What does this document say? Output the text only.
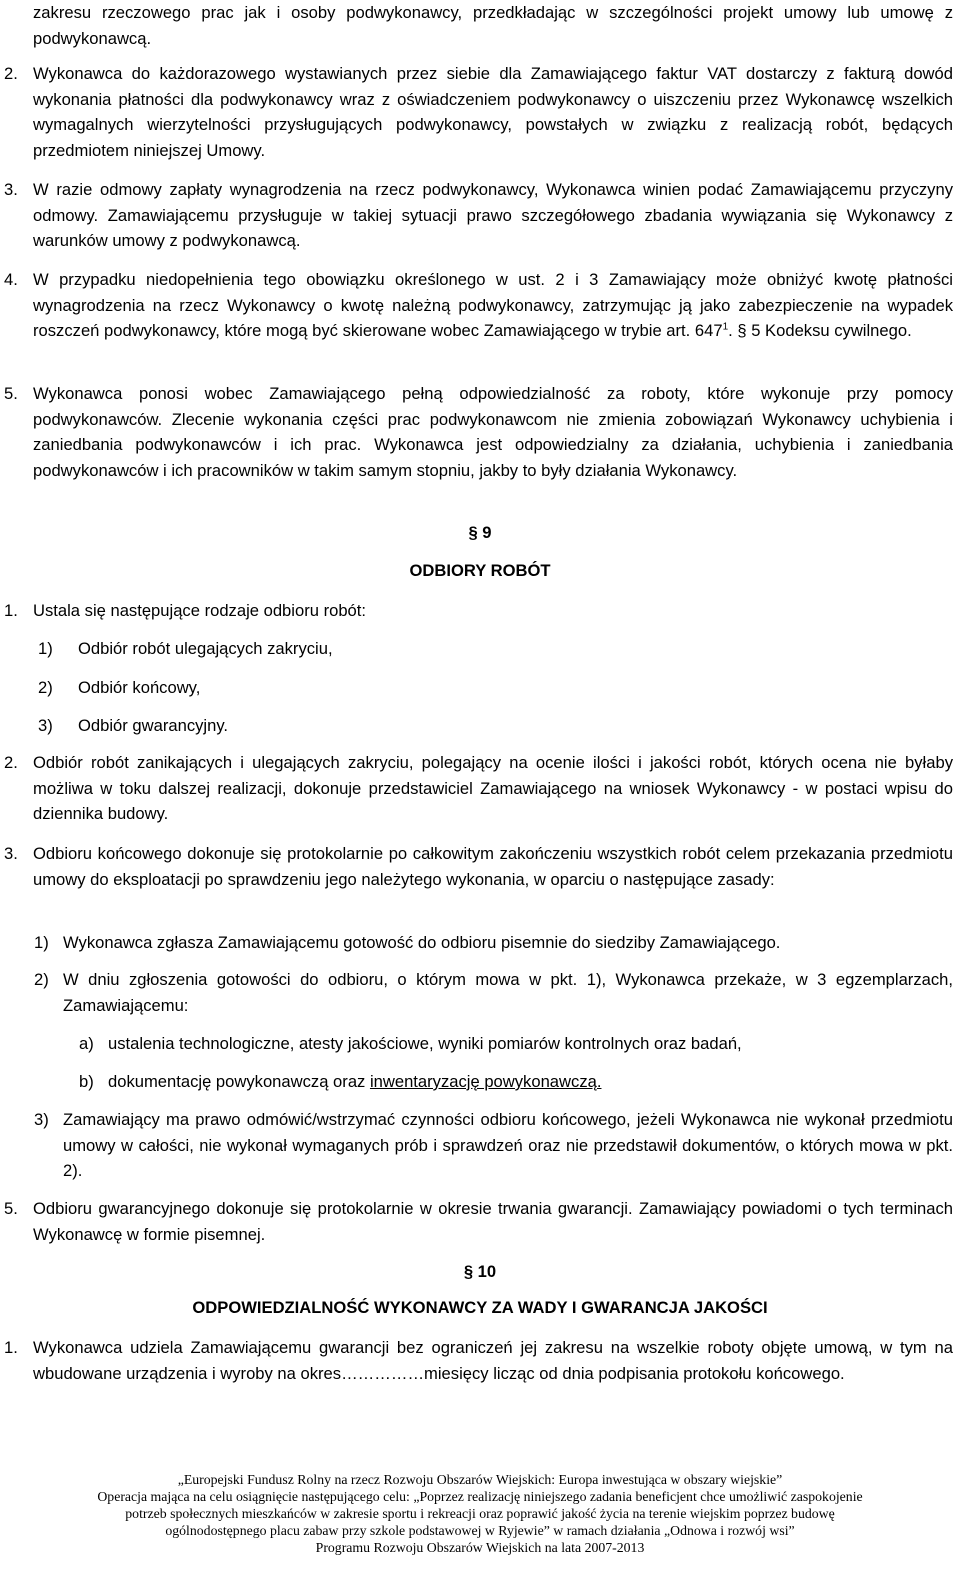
zakresu rzeczowego prac jak i osoby podwykonawcy, przedkładając w szczególności projekt umowy lub umowę z podwykonawcą.
2. Wykonawca do każdorazowego wystawianych przez siebie dla Zamawiającego faktur VAT dostarczy z fakturą dowód wykonania płatności dla podwykonawcy wraz z oświadczeniem podwykonawcy o uiszczeniu przez Wykonawcę wszelkich wymagalnych wierzytelności przysługujących podwykonawcy, powstałych w związku z realizacją robót, będących przedmiotem niniejszej Umowy.
3. W razie odmowy zapłaty wynagrodzenia na rzecz podwykonawcy, Wykonawca winien podać Zamawiającemu przyczyny odmowy. Zamawiającemu przysługuje w takiej sytuacji prawo szczegółowego zbadania wywiązania się Wykonawcy z warunków umowy z podwykonawcą.
4. W przypadku niedopełnienia tego obowiązku określonego w ust. 2 i 3 Zamawiający może obniżyć kwotę płatności wynagrodzenia na rzecz Wykonawcy o kwotę należną podwykonawcy, zatrzymując ją jako zabezpieczenie na wypadek roszczeń podwykonawcy, które mogą być skierowane wobec Zamawiającego w trybie art. $647^1$. § 5 Kodeksu cywilnego.
5. Wykonawca ponosi wobec Zamawiającego pełną odpowiedzialność za roboty, które wykonuje przy pomocy podwykonawców. Zlecenie wykonania części prac podwykonawcom nie zmienia zobowiązań Wykonawcy uchybienia i zaniedbania podwykonawców i ich prac. Wykonawca jest odpowiedzialny za działania, uchybienia i zaniedbania podwykonawców i ich pracowników w takim samym stopniu, jakby to były działania Wykonawcy.
§ 9
ODBIORY ROBÓT
1. Ustala się następujące rodzaje odbioru robót:
1) Odbiór robót ulegających zakryciu,
2) Odbiór końcowy,
3) Odbiór gwarancyjny.
2. Odbiór robót zanikających i ulegających zakryciu, polegający na ocenie ilości i jakości robót, których ocena nie byłaby możliwa w toku dalszej realizacji, dokonuje przedstawiciel Zamawiającego na wniosek Wykonawcy - w postaci wpisu do dziennika budowy.
3. Odbioru końcowego dokonuje się protokolarnie po całkowitym zakończeniu wszystkich robót celem przekazania przedmiotu umowy do eksploatacji po sprawdzeniu jego należytego wykonania, w oparciu o następujące zasady:
1) Wykonawca zgłasza Zamawiającemu gotowość do odbioru pisemnie do siedziby Zamawiającego.
2) W dniu zgłoszenia gotowości do odbioru, o którym mowa w pkt. 1), Wykonawca przekaże, w 3 egzemplarzach, Zamawiającemu:
a) ustalenia technologiczne, atesty jakościowe, wyniki pomiarów kontrolnych oraz badań,
b) dokumentację powykonawczą oraz inwentaryzację powykonawczą.
3) Zamawiający ma prawo odmówić/wstrzymać czynności odbioru końcowego, jeżeli Wykonawca nie wykonał przedmiotu umowy w całości, nie wykonał wymaganych prób i sprawdzeń oraz nie przedstawił dokumentów, o których mowa w pkt. 2).
5. Odbioru gwarancyjnego dokonuje się protokolarnie w okresie trwania gwarancji. Zamawiający powiadomi o tych terminach Wykonawcę w formie pisemnej.
§ 10
ODPOWIEDZIALNOŚĆ WYKONAWCY ZA WADY I GWARANCJA JAKOŚCI
1. Wykonawca udziela Zamawiającemu gwarancji bez ograniczeń jej zakresu na wszelkie roboty objęte umową, w tym na wbudowane urządzenia i wyroby na okres……………miesięcy licząc od dnia podpisania protokołu końcowego.
„Europejski Fundusz Rolny na rzecz Rozwoju Obszarów Wiejskich: Europa inwestująca w obszary wiejskie”
Operacja mająca na celu osiągnięcie następującego celu: „Poprzez realizację niniejszego zadania beneficjent chce umożliwić zaspokojenie
potrzeb społecznych mieszkańców w zakresie sportu i rekreacji oraz poprawić jakość życia na terenie wiejskim poprzez budowę
ogólnodostępnego placu zabaw przy szkole podstawowej w Ryjewie” w ramach działania „Odnowa i rozwój wsi”
Programu Rozwoju Obszarów Wiejskich na lata 2007-2013
